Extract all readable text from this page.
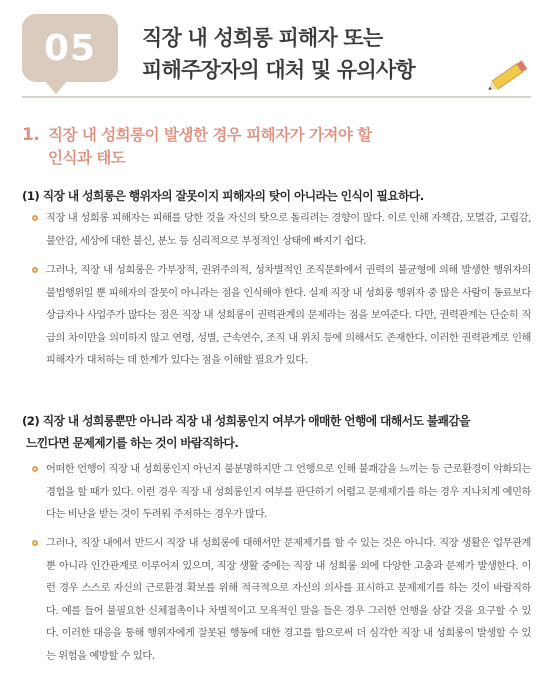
05	직장 내 성희롱 피해자 또는
피해주장자의 대처 및 유의사항
1. 직장 내 성희롱이 발생한 경우 피해자가 가져야 할
인식과 태도
(1) 직장 내 성희롱은 행위자의 잘못이지 피해자의 탓이 아니라는 인식이 필요하다.
직장 내 성희롱 피해자는 피해를 당한 것을 자신의 탓으로 돌리려는 경향이 많다. 이로 인해 자책감, 모멸감, 고립감, 불안감, 세상에 대한 불신, 분노 등 심리적으로 부정적인 상태에 빠지기 쉽다.
그러나, 직장 내 성희롱은 가부장적, 권위주의적, 성차별적인 조직문화에서 권력의 불균형에 의해 발생한 행위자의 불법행위일 뿐 피해자의 잘못이 아니라는 점을 인식해야 한다. 실제 직장 내 성희롱 행위자 중 많은 사람이 동료보다 상급자나 사업주가 많다는 점은 직장 내 성희롱이 권력관계의 문제라는 점을 보여준다. 다만, 권력관계는 단순히 직급의 차이만을 의미하지 않고 연령, 성별, 근속연수, 조직 내 위치 등에 의해서도 존재한다. 이러한 권력관계로 인해 피해자가 대처하는 데 한계가 있다는 점을 이해할 필요가 있다.
(2) 직장 내 성희롱뿐만 아니라 직장 내 성희롱인지 여부가 애매한 언행에 대해서도 불쾌감을
느낀다면 문제제기를 하는 것이 바람직하다.
어떠한 언행이 직장 내 성희롱인지 아닌지 불분명하지만 그 언행으로 인해 불쾌감을 느끼는 등 근로환경이 악화되는 경험을 할 때가 있다. 이런 경우 직장 내 성희롱인지 여부를 판단하기 어렵고 문제제기를 하는 경우 지나치게 예민하다는 비난을 받는 것이 두려워 주저하는 경우가 많다.
그러나, 직장 내에서 반드시 직장 내 성희롱에 대해서만 문제제기를 할 수 있는 것은 아니다. 직장 생활은 업무관계 뿐 아니라 인간관계로 이루어져 있으며, 직장 생활 중에는 직장 내 성희롱 외에 다양한 고충과 문제가 발생한다. 이런 경우 스스로 자신의 근로환경 확보를 위해 적극적으로 자신의 의사를 표시하고 문제제기를 하는 것이 바람직하다. 예를 들어 불필요한 신체접촉이나 차별적이고 모욕적인 말을 들은 경우 그러한 언행을 삼갈 것을 요구할 수 있다. 이러한 대응을 통해 행위자에게 잘못된 행동에 대한 경고를 함으로써 더 심각한 직장 내 성희롱이 발생할 수 있는 위험을 예방할 수 있다.
